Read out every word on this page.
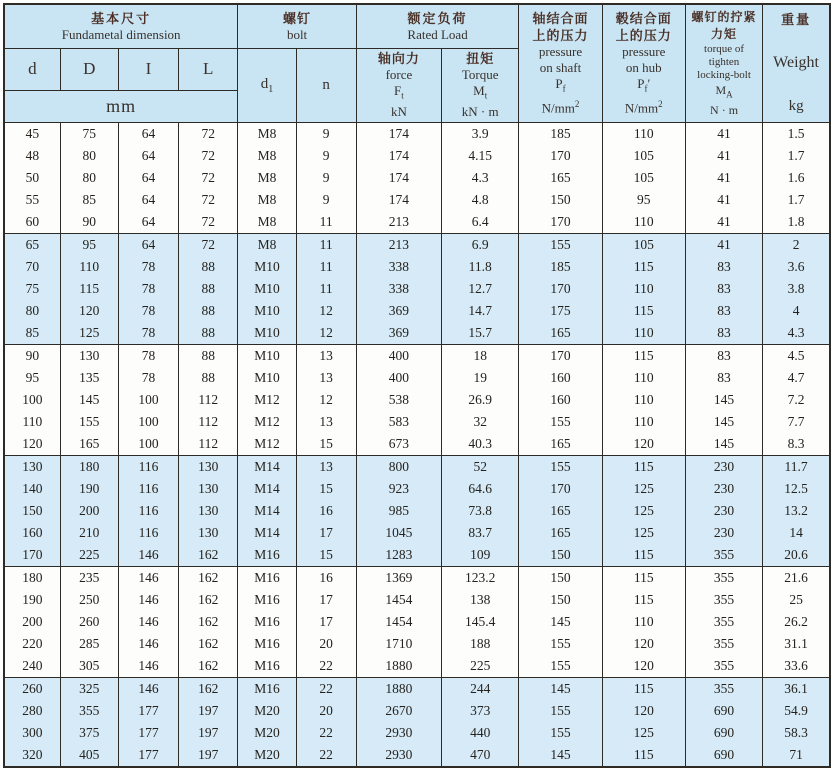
基本尺寸
Fundametal dimension

螺钉
bolt

额定负荷
Rated Load

轴结合面
上的压力
pressure
on shaft
$P_f$
$N/mm^2$

毂结合面
上的压力
pressure
on hub
$P_f'$
$N/mm^2$

螺钉的拧紧
力矩
torque of
tighten
locking-bolt
$M_A$
N · m

重量
Weight
kg

d	D	I	L	$d_1$	n	
轴向力
force
$F_t$
kN

扭矩
Torque
$M_t$
kN · m

mm											
45	75	64	72	M8	9	174	3.9	185	110	41	1.5
48	80	64	72	M8	9	174	4.15	170	105	41	1.7
50	80	64	72	M8	9	174	4.3	165	105	41	1.6
55	85	64	72	M8	9	174	4.8	150	95	41	1.7
60	90	64	72	M8	11	213	6.4	170	110	41	1.8
65	95	64	72	M8	11	213	6.9	155	105	41	2
70	110	78	88	M10	11	338	11.8	185	115	83	3.6
75	115	78	88	M10	11	338	12.7	170	110	83	3.8
80	120	78	88	M10	12	369	14.7	175	115	83	4
85	125	78	88	M10	12	369	15.7	165	110	83	4.3
90	130	78	88	M10	13	400	18	170	115	83	4.5
95	135	78	88	M10	13	400	19	160	110	83	4.7
100	145	100	112	M12	12	538	26.9	160	110	145	7.2
110	155	100	112	M12	13	583	32	155	110	145	7.7
120	165	100	112	M12	15	673	40.3	165	120	145	8.3
130	180	116	130	M14	13	800	52	155	115	230	11.7
140	190	116	130	M14	15	923	64.6	170	125	230	12.5
150	200	116	130	M14	16	985	73.8	165	125	230	13.2
160	210	116	130	M14	17	1045	83.7	165	125	230	14
170	225	146	162	M16	15	1283	109	150	115	355	20.6
180	235	146	162	M16	16	1369	123.2	150	115	355	21.6
190	250	146	162	M16	17	1454	138	150	115	355	25
200	260	146	162	M16	17	1454	145.4	145	110	355	26.2
220	285	146	162	M16	20	1710	188	155	120	355	31.1
240	305	146	162	M16	22	1880	225	155	120	355	33.6
260	325	146	162	M16	22	1880	244	145	115	355	36.1
280	355	177	197	M20	20	2670	373	155	120	690	54.9
300	375	177	197	M20	22	2930	440	155	125	690	58.3
320	405	177	197	M20	22	2930	470	145	115	690	71
